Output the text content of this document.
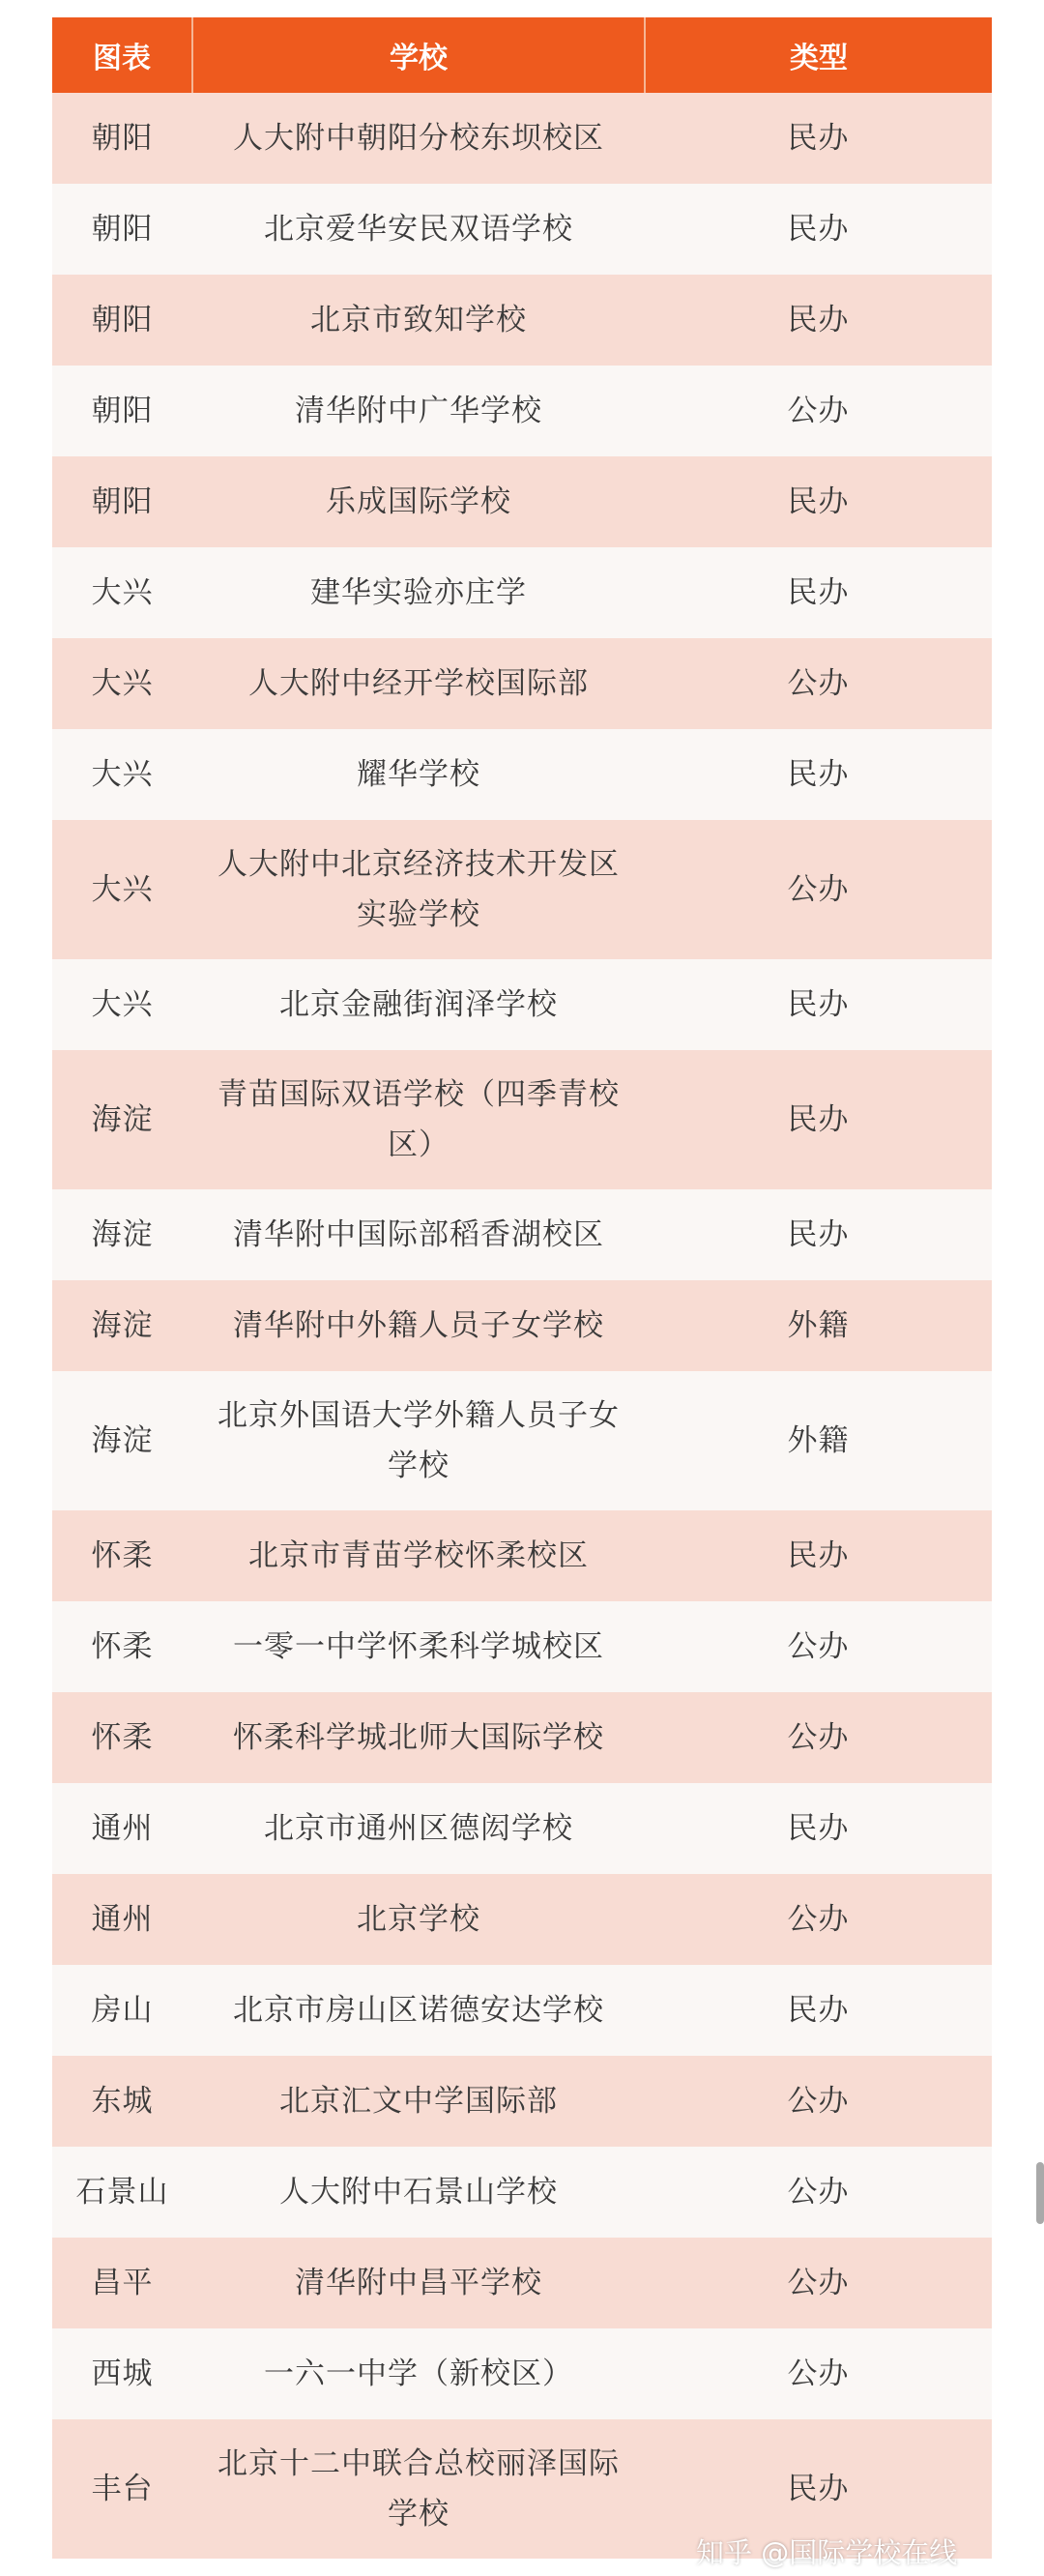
图表	学校	类型
朝阳	人大附中朝阳分校东坝校区	民办
朝阳	北京爱华安民双语学校	民办
朝阳	北京市致知学校	民办
朝阳	清华附中广华学校	公办
朝阳	乐成国际学校	民办
大兴	建华实验亦庄学	民办
大兴	人大附中经开学校国际部	公办
大兴	耀华学校	民办
大兴	人大附中北京经济技术开发区实验学校	公办
大兴	北京金融街润泽学校	民办
海淀	青苗国际双语学校（四季青校区）	民办
海淀	清华附中国际部稻香湖校区	民办
海淀	清华附中外籍人员子女学校	外籍
海淀	北京外国语大学外籍人员子女学校	外籍
怀柔	北京市青苗学校怀柔校区	民办
怀柔	一零一中学怀柔科学城校区	公办
怀柔	怀柔科学城北师大国际学校	公办
通州	北京市通州区德闳学校	民办
通州	北京学校	公办
房山	北京市房山区诺德安达学校	民办
东城	北京汇文中学国际部	公办
石景山	人大附中石景山学校	公办
昌平	清华附中昌平学校	公办
西城	一六一中学（新校区）	公办
丰台	北京十二中联合总校丽泽国际学校	民办
知乎 @国际学校在线
